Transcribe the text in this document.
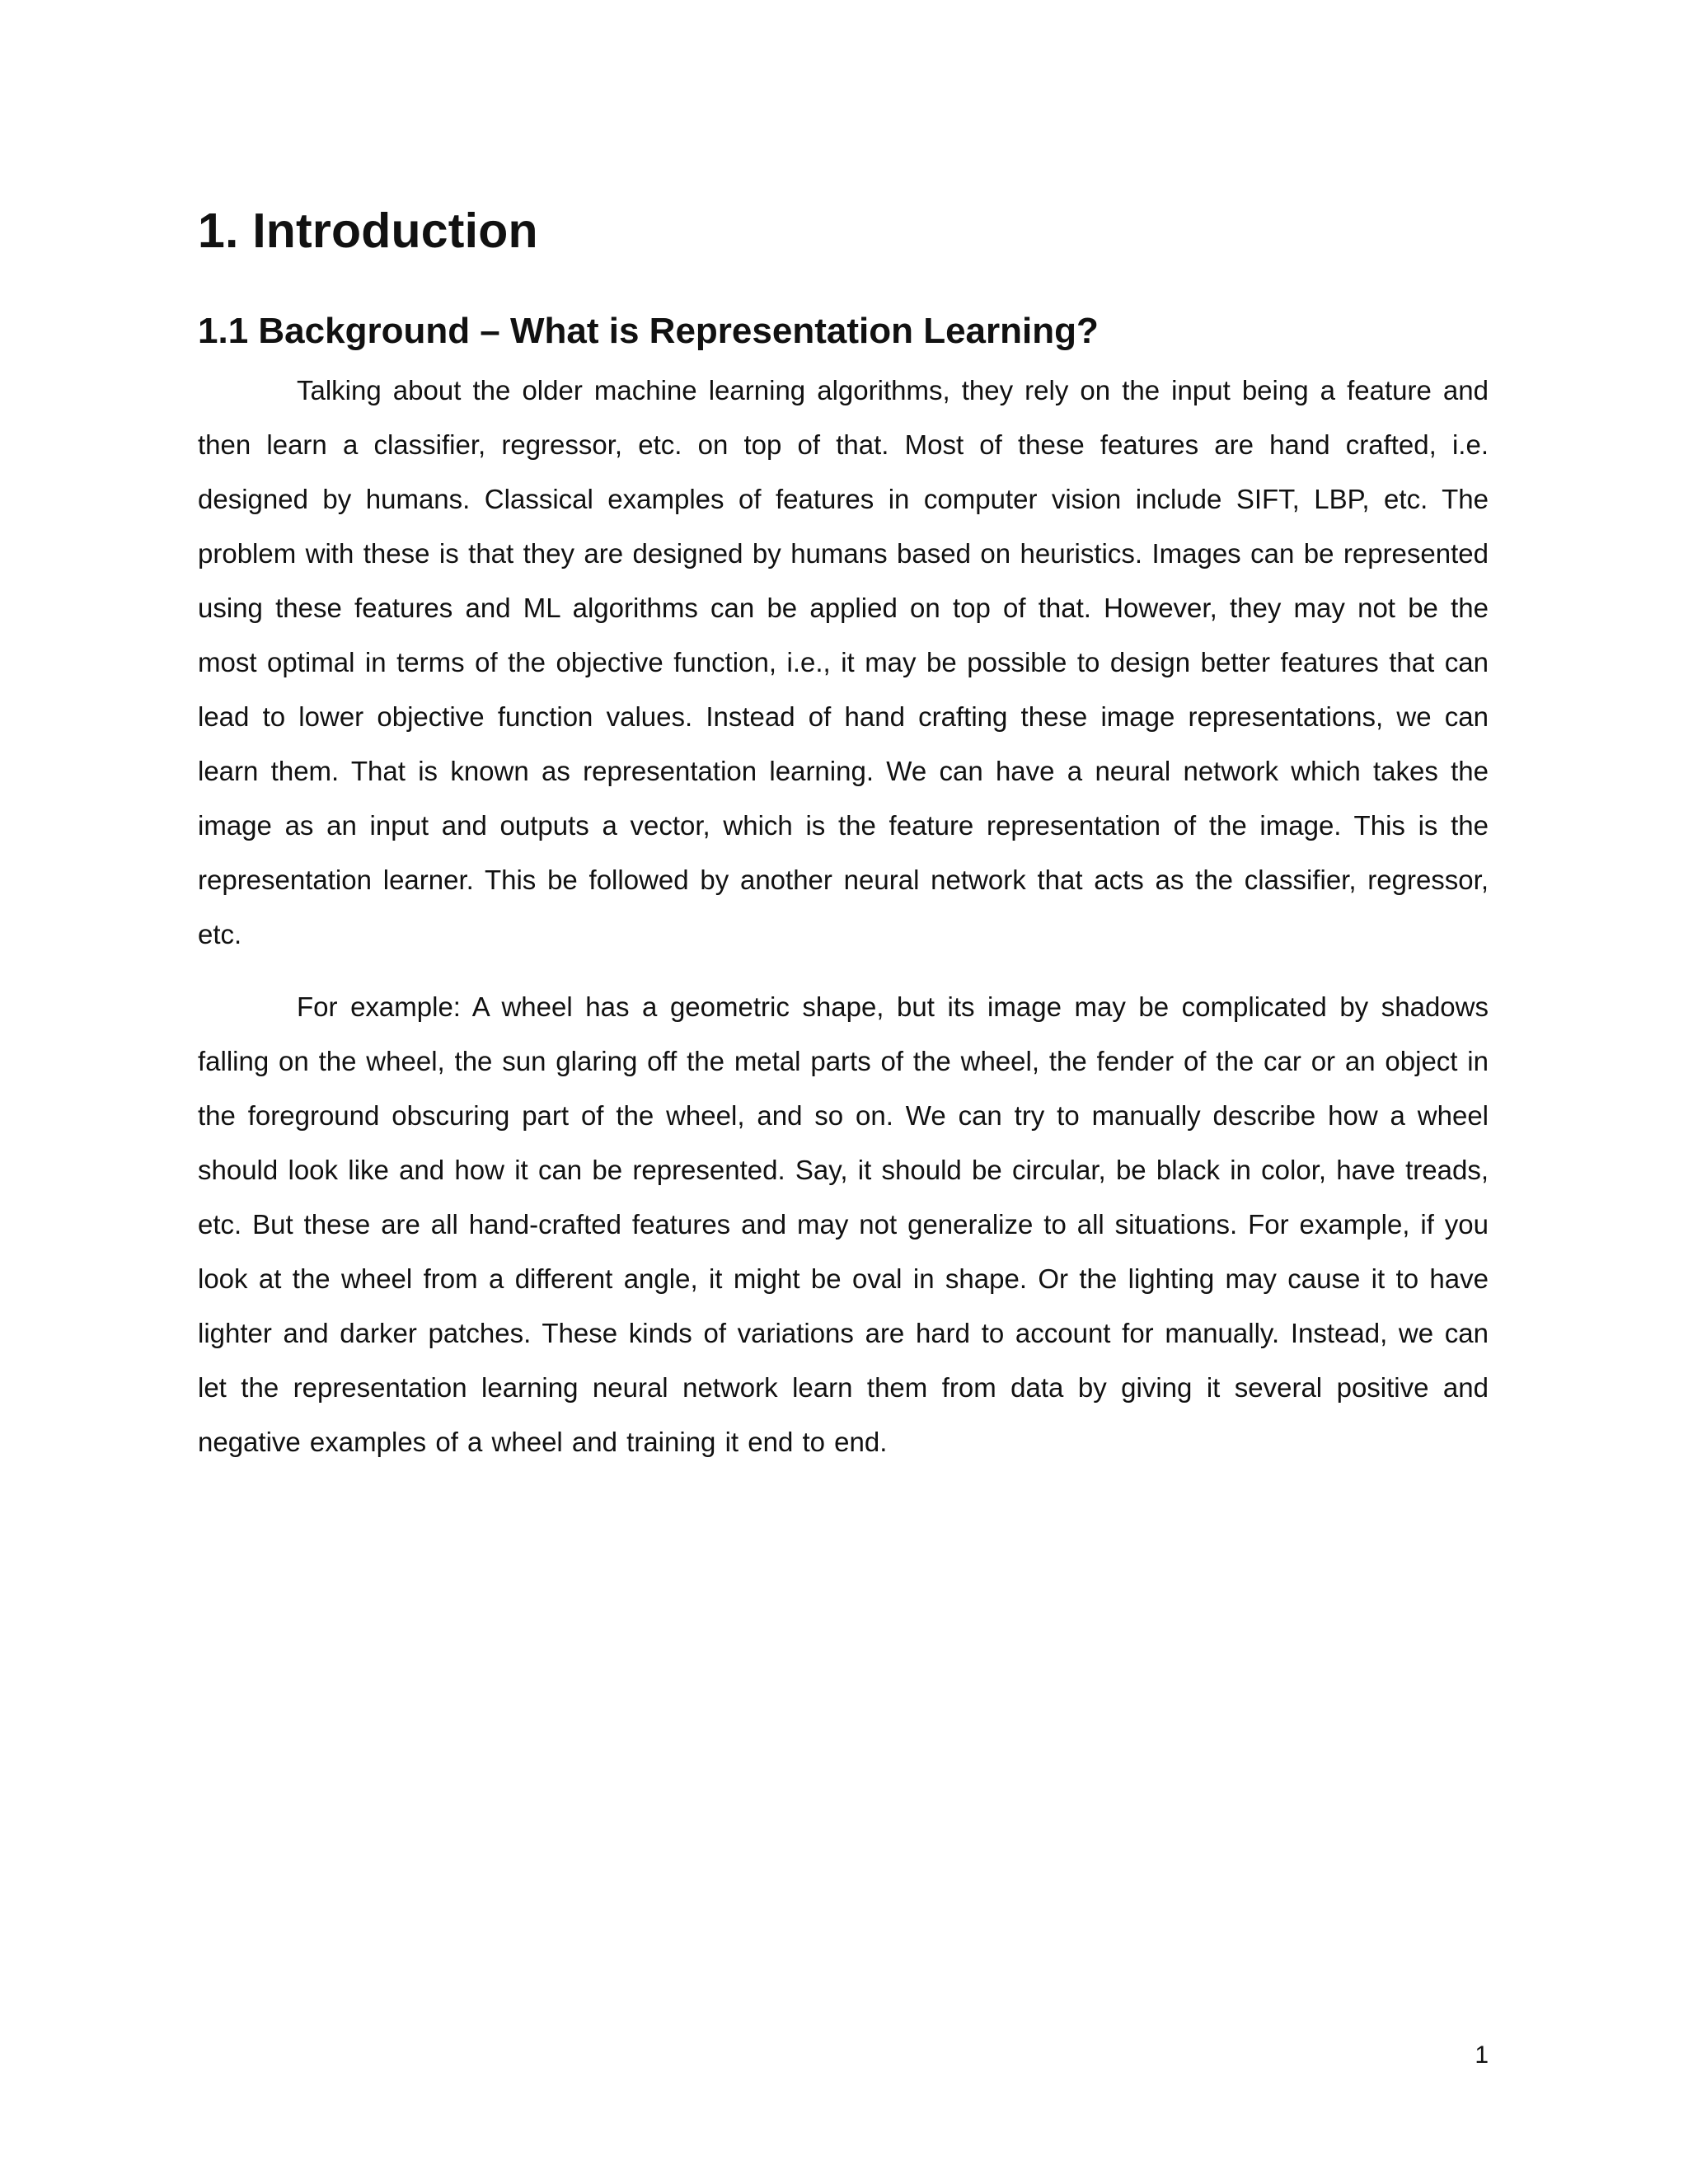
1. Introduction
1.1 Background – What is Representation Learning?

Talking about the older machine learning algorithms, they rely on the input being a feature and then learn a classifier, regressor, etc. on top of that. Most of these features are hand crafted, i.e. designed by humans. Classical examples of features in computer vision include SIFT, LBP, etc. The problem with these is that they are designed by humans based on heuristics. Images can be represented using these features and ML algorithms can be applied on top of that. However, they may not be the most optimal in terms of the objective function, i.e., it may be possible to design better features that can lead to lower objective function values. Instead of hand crafting these image representations, we can learn them. That is known as representation learning. We can have a neural network which takes the image as an input and outputs a vector, which is the feature representation of the image. This is the representation learner. This be followed by another neural network that acts as the classifier, regressor, etc.

For example: A wheel has a geometric shape, but its image may be complicated by shadows falling on the wheel, the sun glaring off the metal parts of the wheel, the fender of the car or an object in the foreground obscuring part of the wheel, and so on. We can try to manually describe how a wheel should look like and how it can be represented. Say, it should be circular, be black in color, have treads, etc. But these are all hand-crafted features and may not generalize to all situations. For example, if you look at the wheel from a different angle, it might be oval in shape. Or the lighting may cause it to have lighter and darker patches. These kinds of variations are hard to account for manually. Instead, we can let the representation learning neural network learn them from data by giving it several positive and negative examples of a wheel and training it end to end.

1
